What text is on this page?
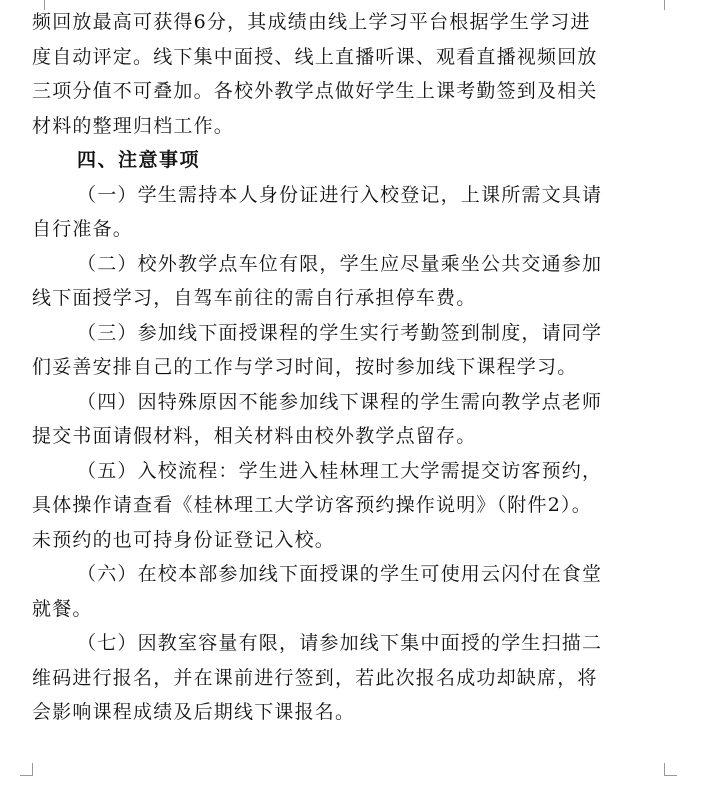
频回放最高可获得6分，其成绩由线上学习平台根据学生学习进
度自动评定。线下集中面授、线上直播听课、观看直播视频回放
三项分值不可叠加。各校外教学点做好学生上课考勤签到及相关
材料的整理归档工作。
四、注意事项
（一）学生需持本人身份证进行入校登记，上课所需文具请
自行准备。
（二）校外教学点车位有限，学生应尽量乘坐公共交通参加
线下面授学习，自驾车前往的需自行承担停车费。
（三）参加线下面授课程的学生实行考勤签到制度，请同学
们妥善安排自己的工作与学习时间，按时参加线下课程学习。
（四）因特殊原因不能参加线下课程的学生需向教学点老师
提交书面请假材料，相关材料由校外教学点留存。
（五）入校流程：学生进入桂林理工大学需提交访客预约，
具体操作请查看《桂林理工大学访客预约操作说明》（附件2）。
未预约的也可持身份证登记入校。
（六）在校本部参加线下面授课的学生可使用云闪付在食堂
就餐。
（七）因教室容量有限，请参加线下集中面授的学生扫描二
维码进行报名，并在课前进行签到，若此次报名成功却缺席，将
会影响课程成绩及后期线下课报名。
